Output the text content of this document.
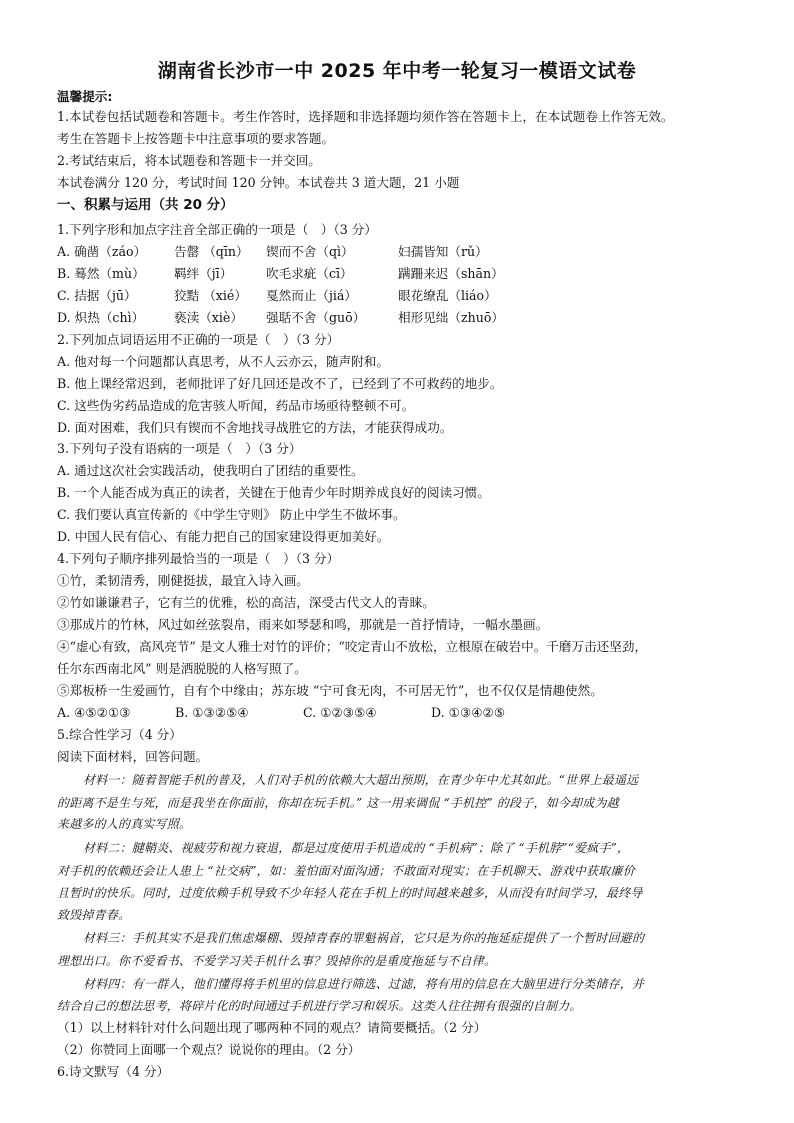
湖南省长沙市一中 2025 年中考一轮复习一模语文试卷
温馨提示:
1.本试卷包括试题卷和答题卡。考生作答时，选择题和非选择题均须作答在答题卡上，在本试题卷上作答无效。
考生在答题卡上按答题卡中注意事项的要求答题。
2.考试结束后，将本试题卷和答题卡一并交回。
本试卷满分 120 分，考试时间 120 分钟。本试卷共 3 道大题，21 小题
一、积累与运用（共 20 分）
1.下列字形和加点字注音全部正确的一项是（　）（3 分）
A. 确凿（záo） 告罄 （qīn） 锲而不舍（qì）	妇孺皆知（rǔ）
B. 蓦然（mù） 羁绊（jī）	吹毛求疵（cī）	蹒跚来迟（shān）
C. 拮据（jū）	狡黠 （xié） 戛然而止（jiá）	眼花缭乱（liáo）
D. 炽热（chì） 亵渎（xiè） 强聒不舍（guō）	相形见绌（zhuō）
2.下列加点词语运用不正确的一项是（　）（3 分）
A. 他对每一个问题都认真思考，从不人云亦云，随声附和。
B. 他上课经常迟到，老师批评了好几回还是改不了，已经到了不可救药的地步。
C. 这些伪劣药品造成的危害骇人听闻，药品市场亟待整顿不可。
D. 面对困难，我们只有锲而不舍地找寻战胜它的方法，才能获得成功。
3.下列句子没有语病的一项是（　）（3 分）
A. 通过这次社会实践活动，使我明白了团结的重要性。
B. 一个人能否成为真正的读者，关键在于他青少年时期养成良好的阅读习惯。
C. 我们要认真宣传新的《中学生守则》 防止中学生不做坏事。
D. 中国人民有信心、有能力把自己的国家建设得更加美好。
4.下列句子顺序排列最恰当的一项是（　）（3 分）
①竹，柔韧清秀，刚健挺拔，最宜入诗入画。
②竹如谦谦君子，它有兰的优雅，松的高洁，深受古代文人的青睐。
③那成片的竹林，风过如丝弦裂帛，雨来如琴瑟和鸣，那就是一首抒情诗，一幅水墨画。
④“虚心有致，高风亮节” 是文人雅士对竹的评价；“咬定青山不放松，立根原在破岩中。千磨万击还坚劲，
任尔东西南北风” 则是洒脱脱的人格写照了。
⑤郑板桥一生爱画竹，自有个中缘由；苏东坡 “宁可食无肉，不可居无竹”，也不仅仅是情趣使然。
A. ④⑤②①③	B. ①③②⑤④	C. ①②③⑤④	D. ①③④②⑤
5.综合性学习（4 分）
阅读下面材料，回答问题。
材料一：随着智能手机的普及，人们对手机的依赖大大超出预期，在青少年中尤其如此。“世界上最遥远
的距离不是生与死，而是我坐在你面前，你却在玩手机。” 这一用来调侃 “手机控” 的段子，如今却成为越
来越多的人的真实写照。
材料二：腱鞘炎、视疲劳和视力衰退，都是过度使用手机造成的 “手机病”；除了 “手机脖”“爱疯手”，
对手机的依赖还会让人患上 “社交病”，如：羞怕面对面沟通；不敢面对现实；在手机聊天、游戏中获取廉价
且暂时的快乐。同时，过度依赖手机导致不少年轻人花在手机上的时间越来越多，从而没有时间学习，最终导
致毁掉青春。
材料三：手机其实不是我们焦虑爆棚、毁掉青春的罪魁祸首，它只是为你的拖延症提供了一个暂时回避的
理想出口。你不爱看书、不爱学习关手机什么事？毁掉你的是重度拖延与不自律。
材料四：有一群人，他们懂得将手机里的信息进行筛选、过滤，将有用的信息在大脑里进行分类储存，并
结合自己的想法思考，将碎片化的时间通过手机进行学习和娱乐。这类人往往拥有很强的自制力。
（1）以上材料针对什么问题出现了哪两种不同的观点？请简要概括。（2 分）
（2）你赞同上面哪一个观点？说说你的理由。（2 分）
6.诗文默写（4 分）
